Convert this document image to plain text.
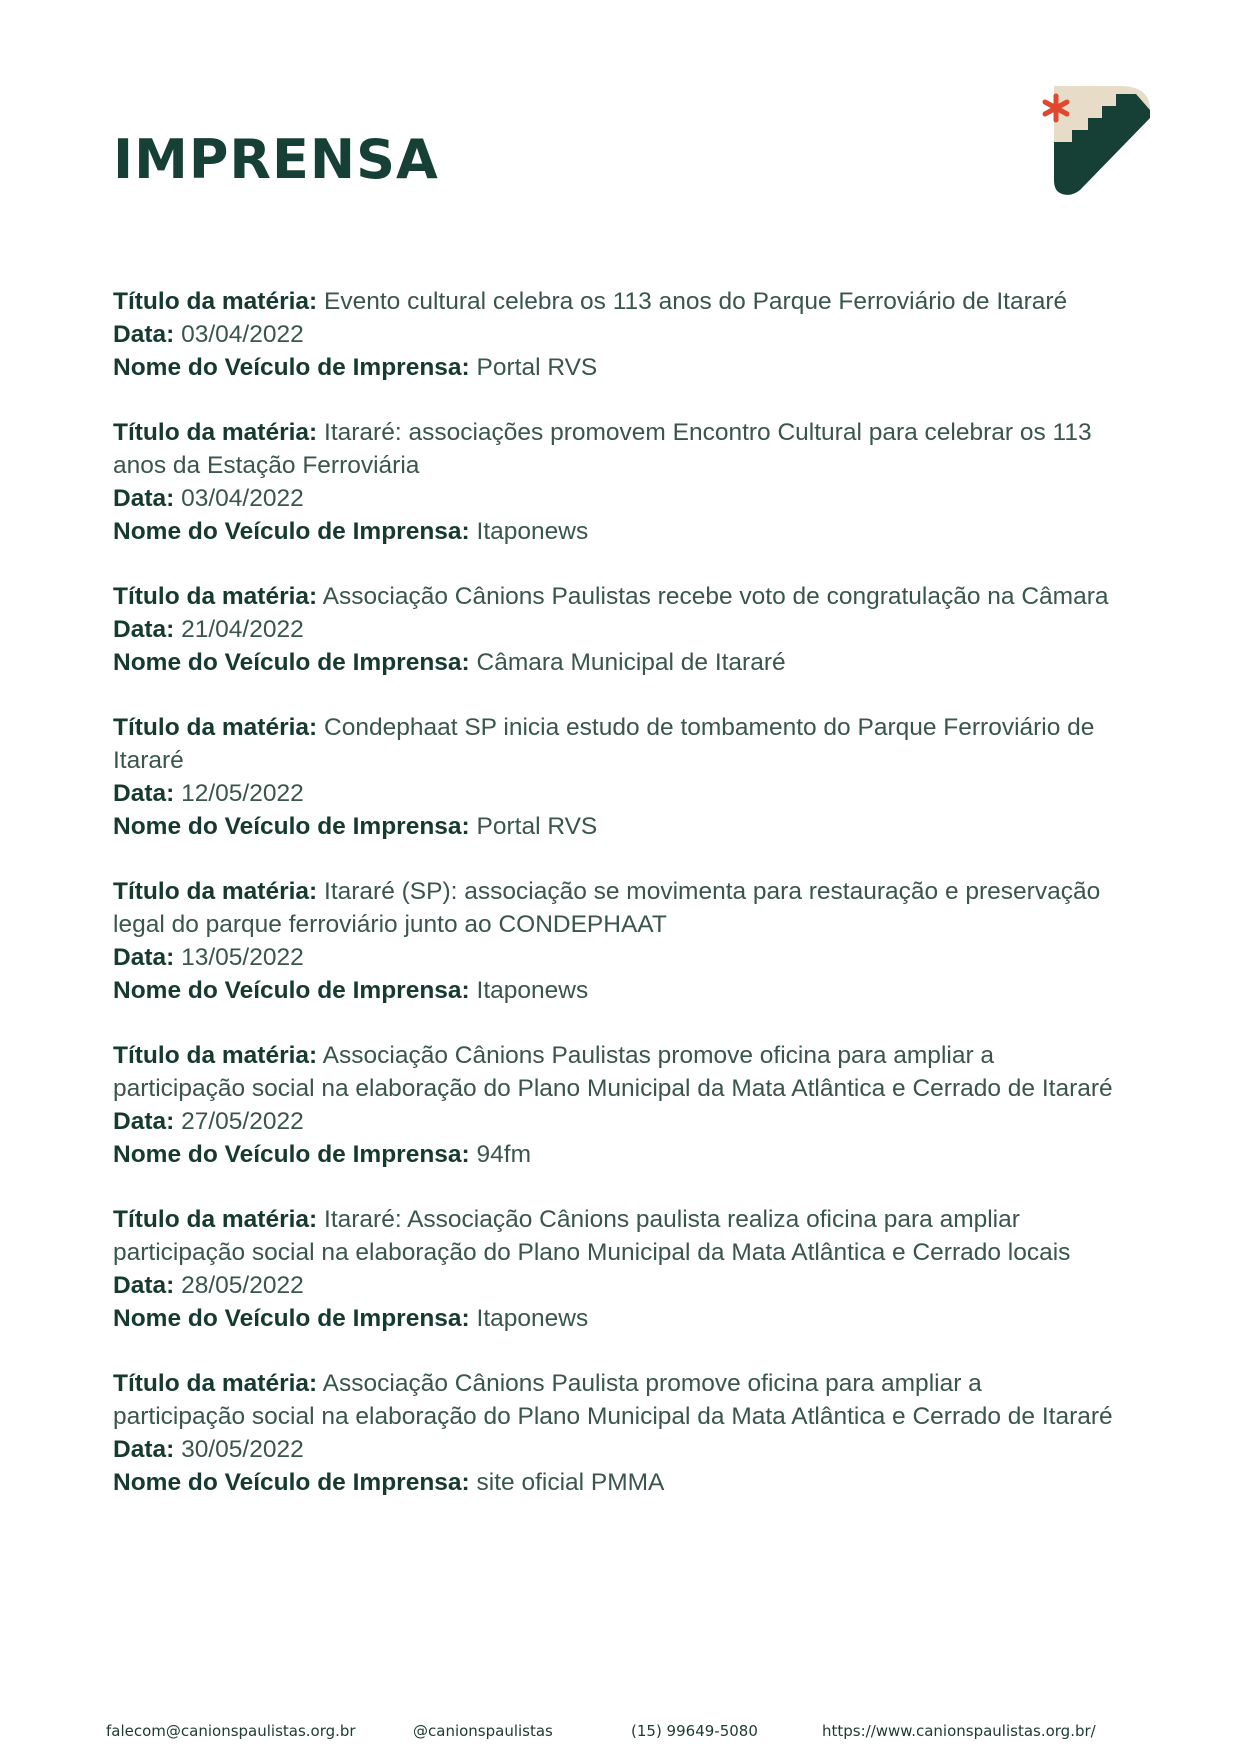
IMPRENSA
Título da matéria: Evento cultural celebra os 113 anos do Parque Ferroviário de Itararé
Data: 03/04/2022
Nome do Veículo de Imprensa: Portal RVS
Título da matéria: Itararé: associações promovem Encontro Cultural para celebrar os 113 anos da Estação Ferroviária
Data: 03/04/2022
Nome do Veículo de Imprensa: Itaponews
Título da matéria: Associação Cânions Paulistas recebe voto de congratulação na Câmara
Data: 21/04/2022
Nome do Veículo de Imprensa: Câmara Municipal de Itararé
Título da matéria: Condephaat SP inicia estudo de tombamento do Parque Ferroviário de Itararé
Data: 12/05/2022
Nome do Veículo de Imprensa: Portal RVS
Título da matéria: Itararé (SP): associação se movimenta para restauração e preservação legal do parque ferroviário junto ao CONDEPHAAT
Data: 13/05/2022
Nome do Veículo de Imprensa: Itaponews
Título da matéria: Associação Cânions Paulistas promove oficina para ampliar a participação social na elaboração do Plano Municipal da Mata Atlântica e Cerrado de Itararé
Data: 27/05/2022
Nome do Veículo de Imprensa: 94fm
Título da matéria: Itararé: Associação Cânions paulista realiza oficina para ampliar participação social na elaboração do Plano Municipal da Mata Atlântica e Cerrado locais
Data: 28/05/2022
Nome do Veículo de Imprensa: Itaponews
Título da matéria: Associação Cânions Paulista promove oficina para ampliar a participação social na elaboração do Plano Municipal da Mata Atlântica e Cerrado de Itararé
Data: 30/05/2022
Nome do Veículo de Imprensa: site oficial PMMA
falecom@canionspaulistas.org.br	@canionspaulistas	(15) 99649-5080	https://www.canionspaulistas.org.br/
